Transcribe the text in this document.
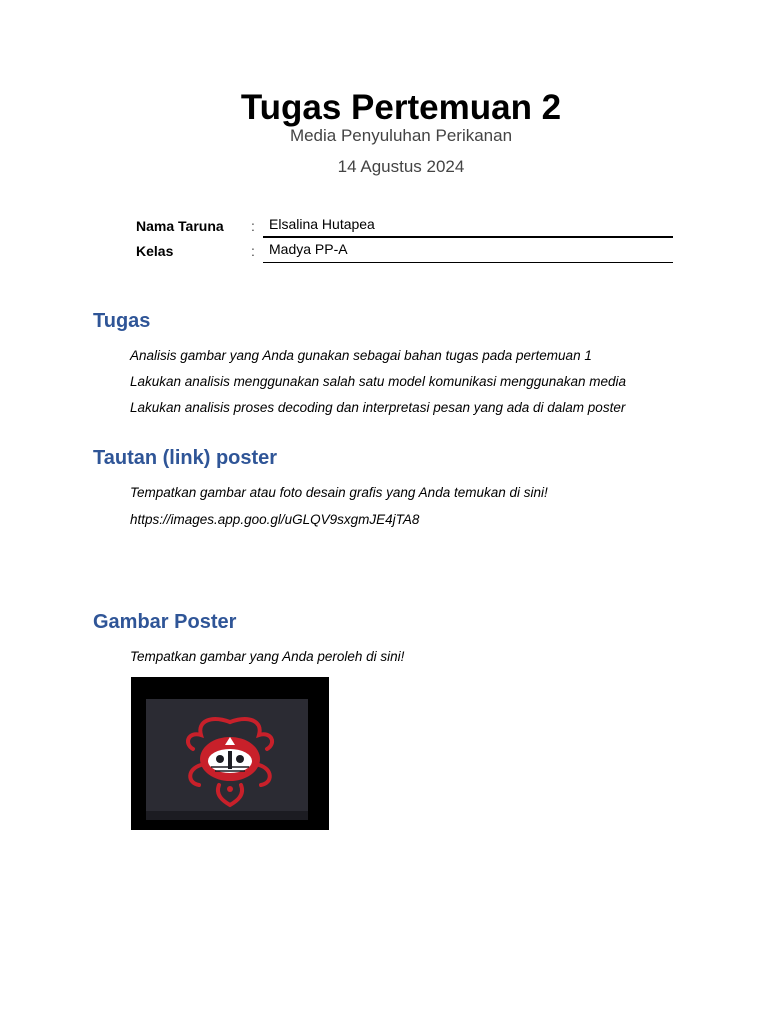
Tugas Pertemuan 2
Media Penyuluhan Perikanan
14 Agustus 2024
Nama Taruna :	Elsalina Hutapea
Kelas	:	Madya PP-A
Tugas
Analisis gambar yang Anda gunakan sebagai bahan tugas pada pertemuan 1
Lakukan analisis menggunakan salah satu model komunikasi menggunakan media
Lakukan analisis proses decoding dan interpretasi pesan yang ada di dalam poster
Tautan (link) poster
Tempatkan gambar atau foto desain grafis yang Anda temukan di sini!
https://images.app.goo.gl/uGLQV9sxgmJE4jTA8
Gambar Poster
Tempatkan gambar yang Anda peroleh di sini!
